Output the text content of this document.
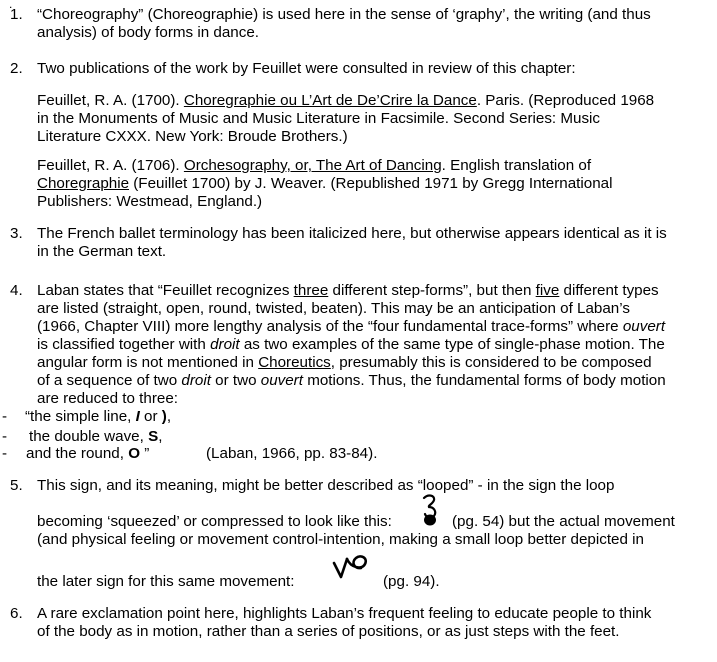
.
1. “Choreography” (Choreographie) is used here in the sense of ‘graphy’, the writing (and thus
analysis) of body forms in dance.
2. Two publications of the work by Feuillet were consulted in review of this chapter:
Feuillet, R. A. (1700). Choregraphie ou L’Art de De’Crire la Dance. Paris. (Reproduced 1968
in the Monuments of Music and Music Literature in Facsimile. Second Series: Music
Literature CXXX. New York: Broude Brothers.)
Feuillet, R. A. (1706). Orchesography, or, The Art of Dancing. English translation of
Choregraphie (Feuillet 1700) by J. Weaver. (Republished 1971 by Gregg International
Publishers: Westmead, England.)
3. The French ballet terminology has been italicized here, but otherwise appears identical as it is
in the German text.
4. Laban states that “Feuillet recognizes three different step-forms”, but then five different types
are listed (straight, open, round, twisted, beaten). This may be an anticipation of Laban’s
(1966, Chapter VIII) more lengthy analysis of the “four fundamental trace-forms” where ouvert
is classified together with droit as two examples of the same type of single-phase motion. The
angular form is not mentioned in Choreutics, presumably this is considered to be composed
of a sequence of two droit or two ouvert motions. Thus, the fundamental forms of body motion
are reduced to three:
- “the simple line, I or ),
- the double wave, S,
- and the round, O ”	(Laban, 1966, pp. 83-84).
5. This sign, and its meaning, might be better described as “looped” - in the sign the loop
becoming ‘squeezed’ or compressed to look like this:	(pg. 54) but the actual movement
(and physical feeling or movement control-intention, making a small loop better depicted in
the later sign for this same movement:	(pg. 94).
6. A rare exclamation point here, highlights Laban’s frequent feeling to educate people to think
of the body as in motion, rather than a series of positions, or as just steps with the feet.
